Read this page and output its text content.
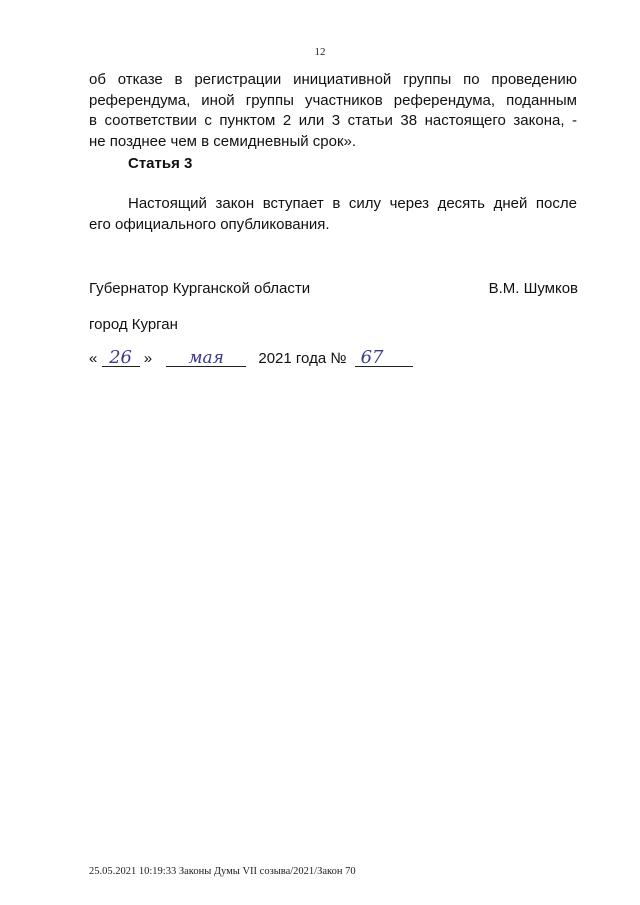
12
об отказе в регистрации инициативной группы по проведению
референдума, иной группы участников референдума, поданным
в соответствии с пунктом 2 или 3 статьи 38 настоящего закона, -
не позднее чем в семидневный срок».
Статья 3
Настоящий закон вступает в силу через десять дней после
его официального опубликования.
Губернатор Курганской области	В.М. Шумков
город Курган
« 26 » мая 2021 года № 67
25.05.2021 10:19:33 Законы Думы VII созыва/2021/Закон 70
